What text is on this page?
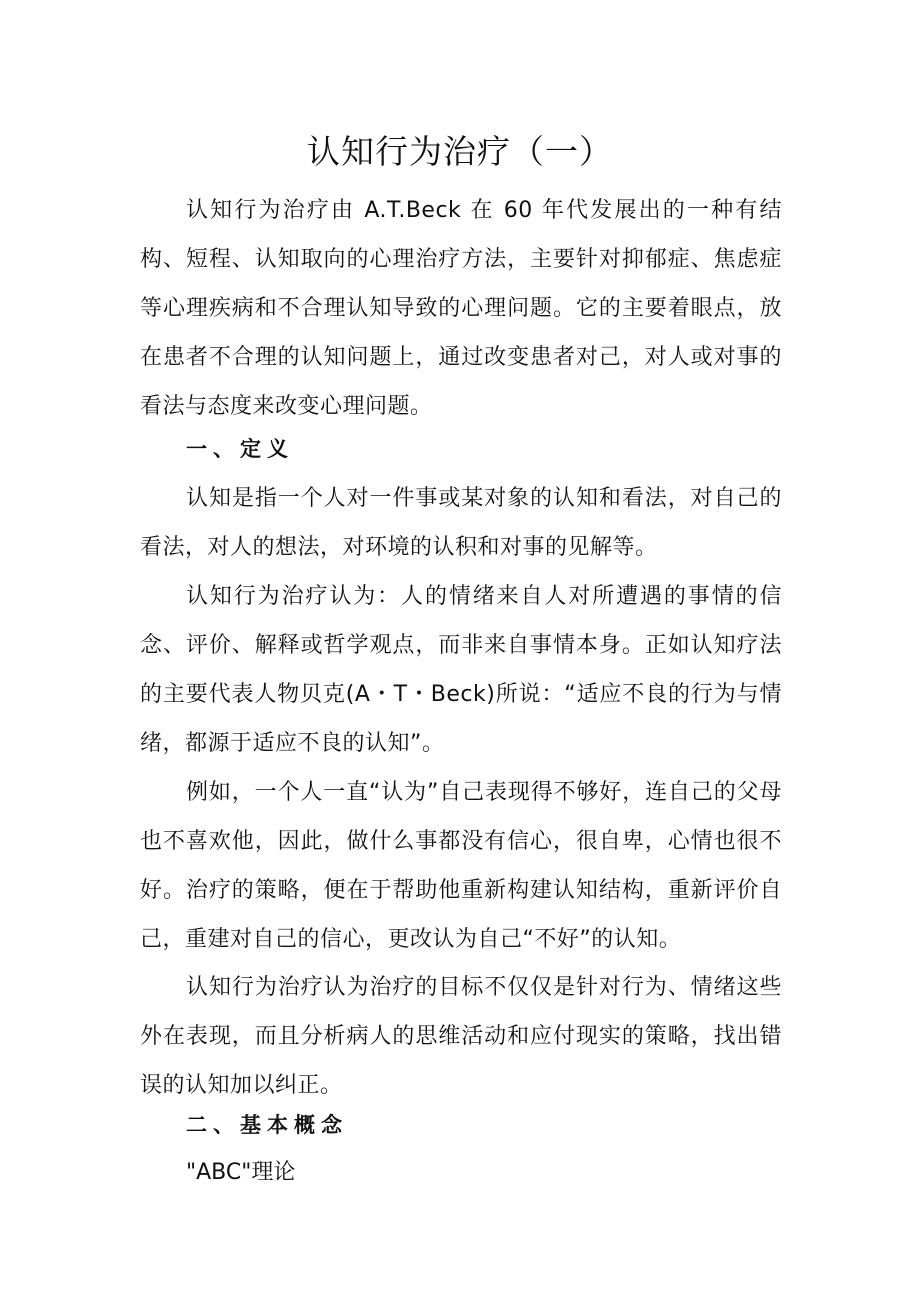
认知行为治疗（一）

认知行为治疗由 A.T.Beck 在 60 年代发展出的一种有结构、短程、认知取向的心理治疗方法，主要针对抑郁症、焦虑症等心理疾病和不合理认知导致的心理问题。它的主要着眼点，放在患者不合理的认知问题上，通过改变患者对己，对人或对事的看法与态度来改变心理问题。

一、定义

认知是指一个人对一件事或某对象的认知和看法，对自己的看法，对人的想法，对环境的认积和对事的见解等。

认知行为治疗认为：人的情绪来自人对所遭遇的事情的信念、评价、解释或哲学观点，而非来自事情本身。正如认知疗法的主要代表人物贝克(A・T・Beck)所说：“适应不良的行为与情绪，都源于适应不良的认知”。

例如，一个人一直“认为”自己表现得不够好，连自己的父母也不喜欢他，因此，做什么事都没有信心，很自卑，心情也很不好。治疗的策略，便在于帮助他重新构建认知结构，重新评价自己，重建对自己的信心，更改认为自己“不好”的认知。

认知行为治疗认为治疗的目标不仅仅是针对行为、情绪这些外在表现，而且分析病人的思维活动和应付现实的策略，找出错误的认知加以纠正。

二、基本概念

"ABC"理论
